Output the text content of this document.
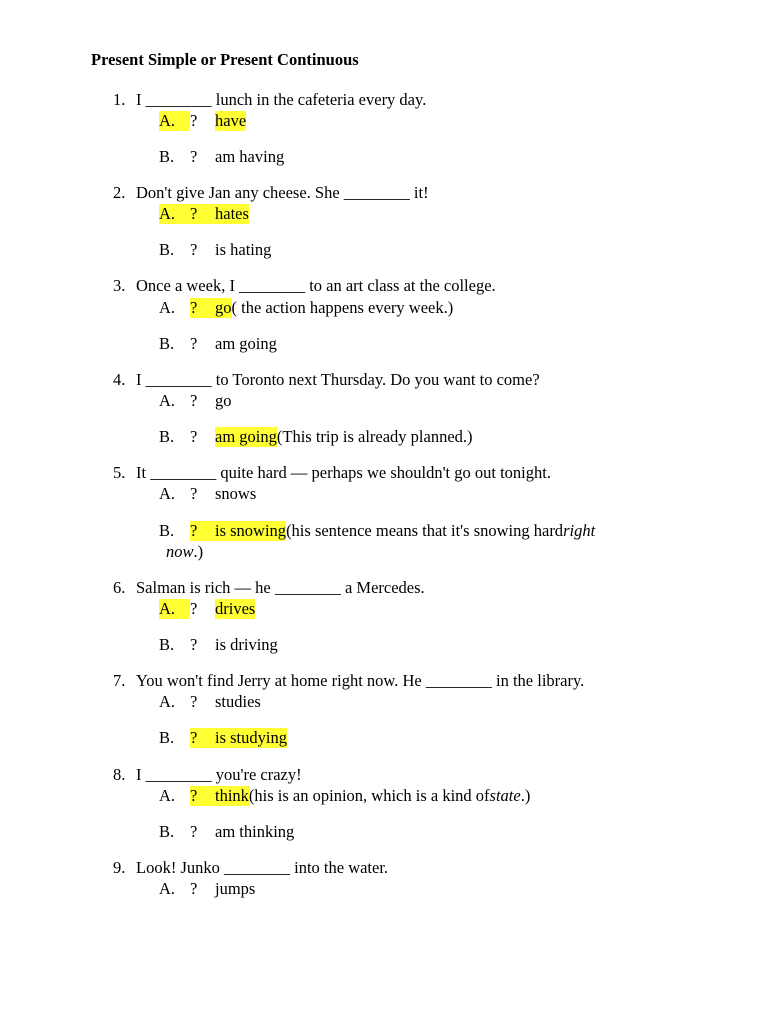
Present Simple or Present Continuous
1. I ________ lunch in the cafeteria every day.
A. ? have
B. ? am having
2. Don't give Jan any cheese. She ________ it!
A. ? hates
B. ? is hating
3. Once a week, I ________ to an art class at the college.
A. ? go( the action happens every week.)
B. ? am going
4. I ________ to Toronto next Thursday. Do you want to come?
A. ? go
B. ? am going(This trip is already planned.)
5. It ________ quite hard — perhaps we shouldn't go out tonight.
A. ? snows
B. ? is snowing(his sentence means that it's snowing hardright
now.)
6. Salman is rich — he ________ a Mercedes.
A. ? drives
B. ? is driving
7. You won't find Jerry at home right now. He ________ in the library.
A. ? studies
B. ? is studying
8. I ________ you're crazy!
A. ? think(his is an opinion, which is a kind ofstate.)
B. ? am thinking
9. Look! Junko ________ into the water.
A. ? jumps
